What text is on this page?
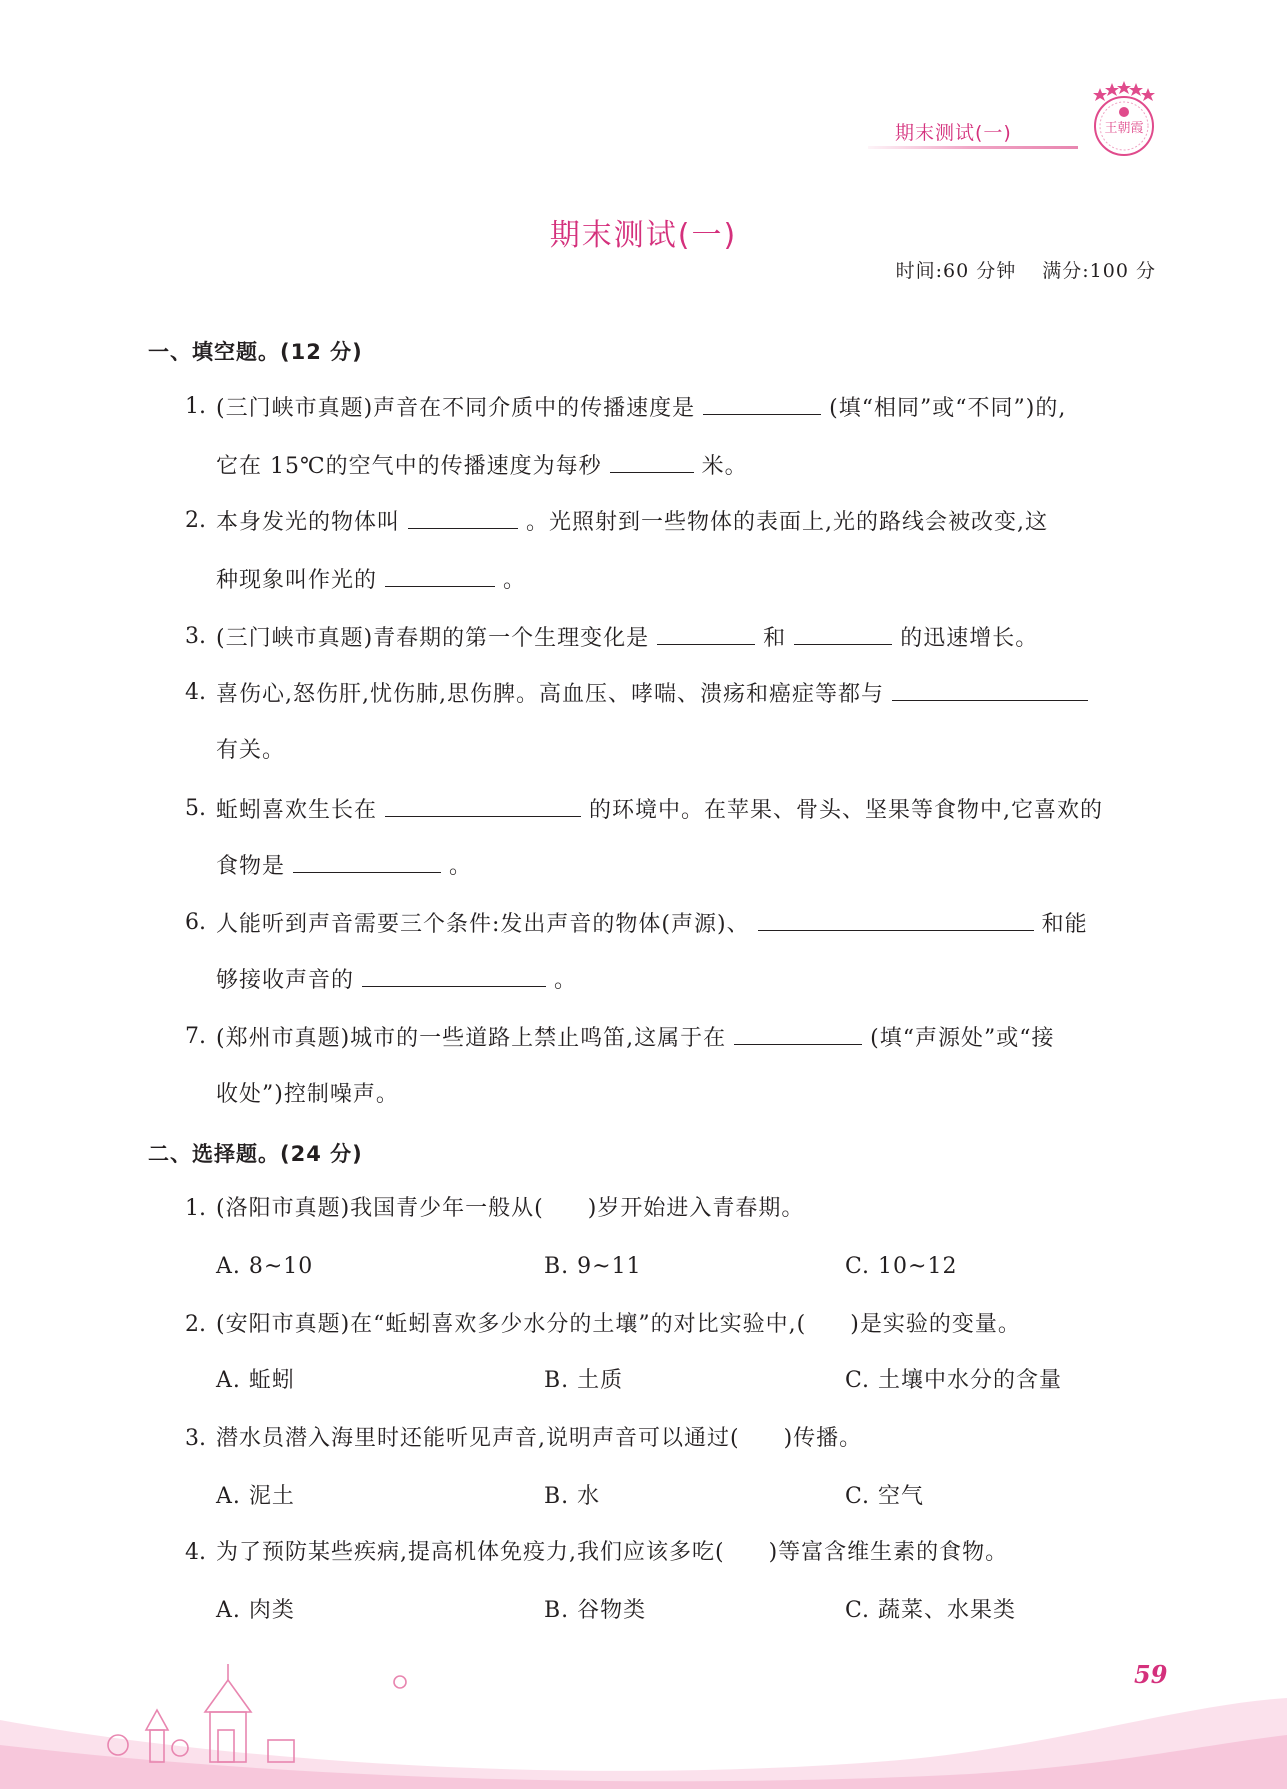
期末测试(一)	王朝霞
期末测试(一)
时间:60 分钟 满分:100 分
一、填空题。(12 分)
1. (三门峡市真题)声音在不同介质中的传播速度是	(填“相同”或“不同”)的,
它在 15℃的空气中的传播速度为每秒	米。
2. 本身发光的物体叫	。光照射到一些物体的表面上,光的路线会被改变,这
种现象叫作光的	。
3. (三门峡市真题)青春期的第一个生理变化是	和	的迅速增长。
4. 喜伤心,怒伤肝,忧伤肺,思伤脾。高血压、哮喘、溃疡和癌症等都与
有关。
5. 蚯蚓喜欢生长在	的环境中。在苹果、骨头、坚果等食物中,它喜欢的
食物是	。
6. 人能听到声音需要三个条件:发出声音的物体(声源)、	和能
够接收声音的	。
7. (郑州市真题)城市的一些道路上禁止鸣笛,这属于在	(填“声源处”或“接
收处”)控制噪声。
二、选择题。(24 分)
1. (洛阳市真题)我国青少年一般从( )岁开始进入青春期。
A. 8~10	B. 9~11	C. 10~12
2. (安阳市真题)在“蚯蚓喜欢多少水分的土壤”的对比实验中,( )是实验的变量。
A. 蚯蚓	B. 土质	C. 土壤中水分的含量
3. 潜水员潜入海里时还能听见声音,说明声音可以通过( )传播。
A. 泥土	B. 水	C. 空气
4. 为了预防某些疾病,提高机体免疫力,我们应该多吃( )等富含维生素的食物。
A. 肉类	B. 谷物类	C. 蔬菜、水果类
59
